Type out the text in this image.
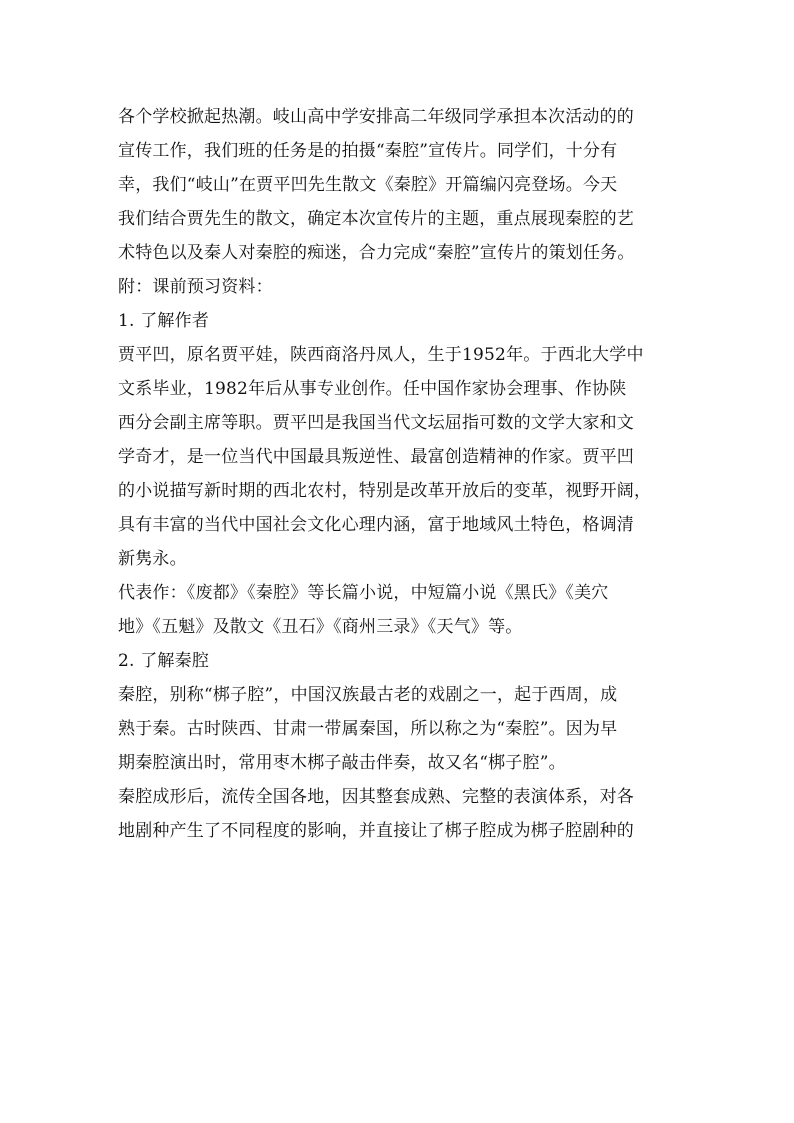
各个学校掀起热潮。岐山高中学安排高二年级同学承担本次活动的的
宣传工作，我们班的任务是的拍摄“秦腔”宣传片。同学们，十分有
幸，我们“岐山”在贾平凹先生散文《秦腔》开篇编闪亮登场。今天
我们结合贾先生的散文，确定本次宣传片的主题，重点展现秦腔的艺
术特色以及秦人对秦腔的痴迷，合力完成“秦腔”宣传片的策划任务。
附：课前预习资料：
1. 了解作者
贾平凹，原名贾平娃，陕西商洛丹凤人，生于1952年。于西北大学中
文系毕业，1982年后从事专业创作。任中国作家协会理事、作协陕
西分会副主席等职。贾平凹是我国当代文坛屈指可数的文学大家和文
学奇才，是一位当代中国最具叛逆性、最富创造精神的作家。贾平凹
的小说描写新时期的西北农村，特别是改革开放后的变革，视野开阔，
具有丰富的当代中国社会文化心理内涵，富于地域风土特色，格调清
新隽永。
代表作：《废都》《秦腔》等长篇小说，中短篇小说《黑氏》《美穴
地》《五魁》及散文《丑石》《商州三录》《天气》等。
2. 了解秦腔
秦腔，别称“梆子腔”，中国汉族最古老的戏剧之一，起于西周，成
熟于秦。古时陕西、甘肃一带属秦国，所以称之为“秦腔”。因为早
期秦腔演出时，常用枣木梆子敲击伴奏，故又名“梆子腔”。
秦腔成形后，流传全国各地，因其整套成熟、完整的表演体系，对各
地剧种产生了不同程度的影响，并直接让了梆子腔成为梆子腔剧种的
